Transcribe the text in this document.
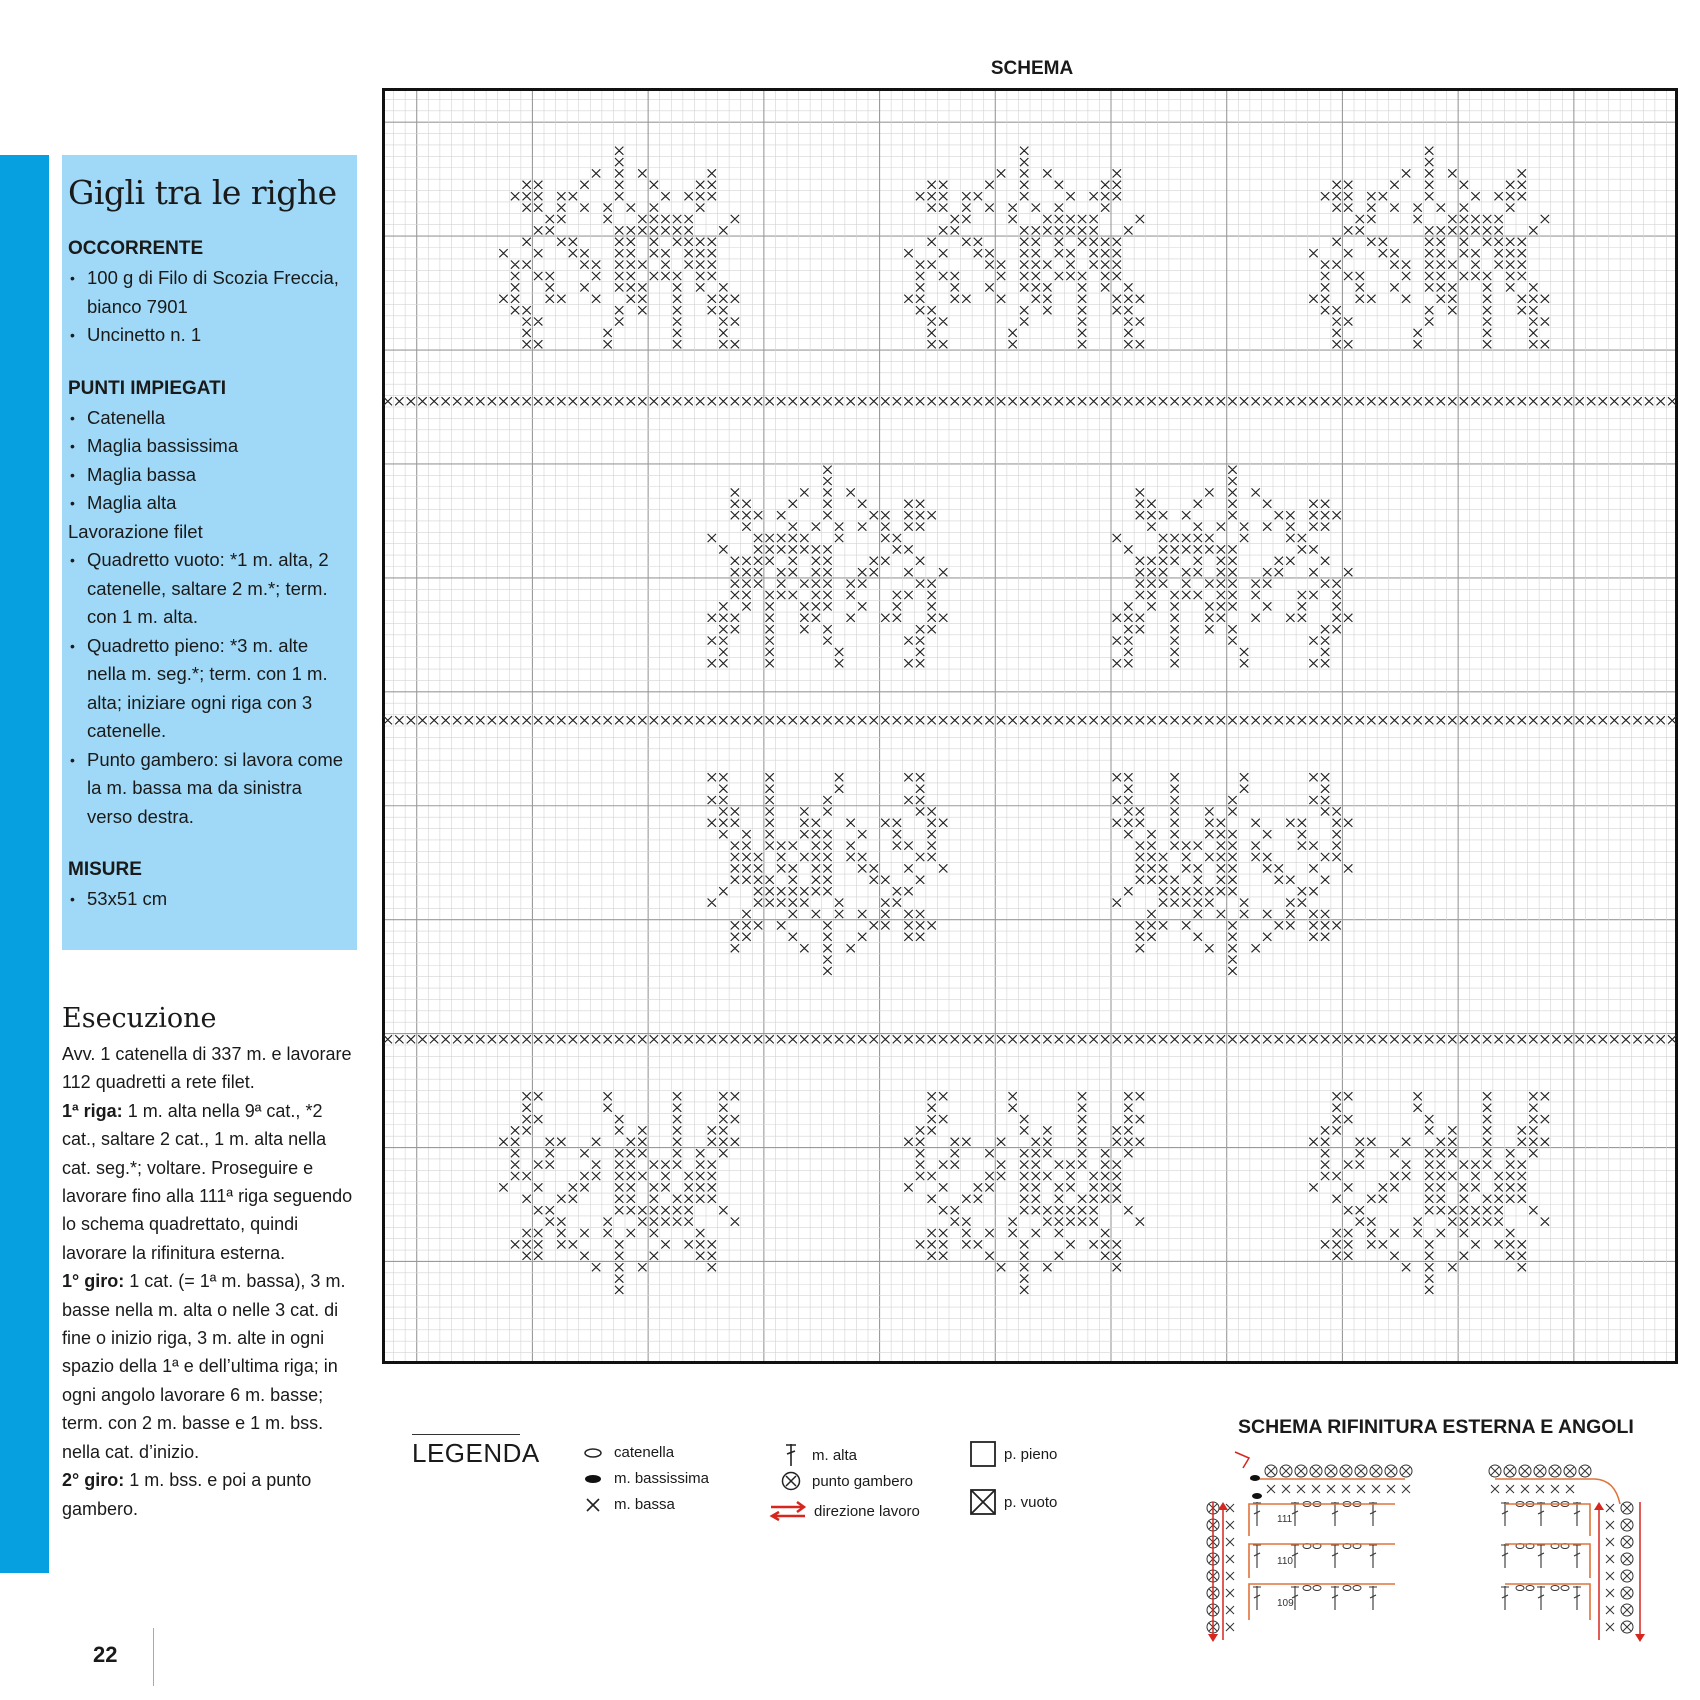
Gigli tra le righe
OCCORRENTE
• 100 g di Filo di Scozia Freccia, bianco 7901
• Uncinetto n. 1
PUNTI IMPIEGATI
• Catenella
• Maglia bassissima
• Maglia bassa
• Maglia alta
Lavorazione filet
• Quadretto vuoto: *1 m. alta, 2 catenelle, saltare 2 m.*; term. con 1 m. alta.
• Quadretto pieno: *3 m. alte nella m. seg.*; term. con 1 m. alta; iniziare ogni riga con 3 catenelle.
• Punto gambero: si lavora come la m. bassa ma da sinistra verso destra.
MISURE
• 53x51 cm
Esecuzione

Avv. 1 catenella di 337 m. e lavorare 112 quadretti a rete filet.

1ª riga: 1 m. alta nella 9ª cat., *2 cat., saltare 2 cat., 1 m. alta nella cat. seg.*; voltare. Proseguire e lavorare fino alla 111ª riga seguendo lo schema quadrettato, quindi lavorare la rifinitura esterna.

1° giro: 1 cat. (= 1ª m. bassa), 3 m. basse nella m. alta o nelle 3 cat. di fine o inizio riga, 3 m. alte in ogni spazio della 1ª e dell’ultima riga; in ogni angolo lavorare 6 m. basse; term. con 2 m. basse e 1 m. bss. nella cat. d’inizio.

2° giro: 1 m. bss. e poi a punto gambero.

22
SCHEMA
LEGENDA	catenella
m. bassissima
m. bassa
m. alta
punto gambero
direzione lavoro
p. pieno
p. vuoto
SCHEMA RIFINITURA ESTERNA E ANGOLI
111
110
109
